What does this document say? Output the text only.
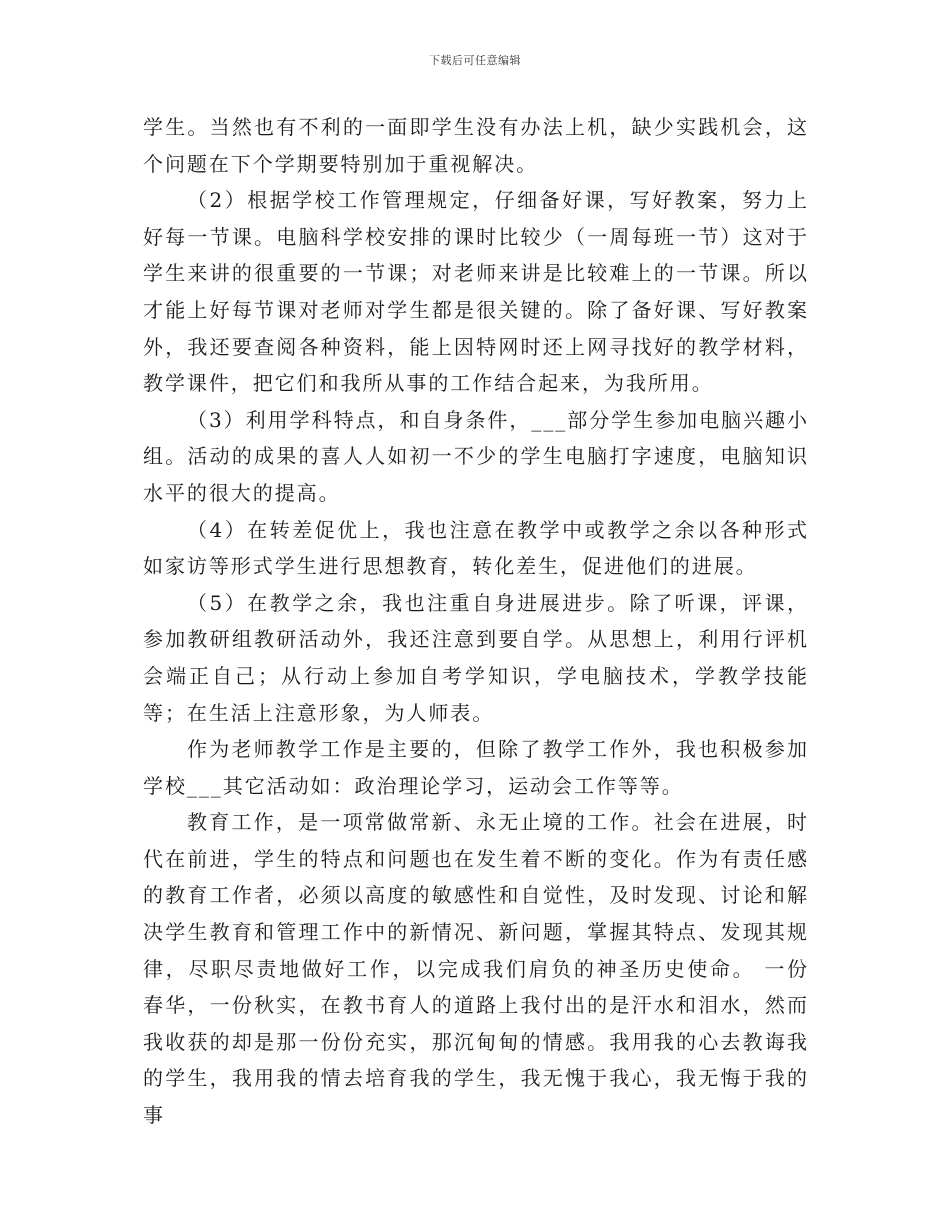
下载后可任意编辑

学生。当然也有不利的一面即学生没有办法上机，缺少实践机会，这个问题在下个学期要特别加于重视解决。

（2）根据学校工作管理规定，仔细备好课，写好教案，努力上好每一节课。电脑科学校安排的课时比较少（一周每班一节）这对于学生来讲的很重要的一节课；对老师来讲是比较难上的一节课。所以才能上好每节课对老师对学生都是很关键的。除了备好课、写好教案外，我还要查阅各种资料，能上因特网时还上网寻找好的教学材料，教学课件，把它们和我所从事的工作结合起来，为我所用。

（3）利用学科特点，和自身条件，___部分学生参加电脑兴趣小组。活动的成果的喜人人如初一不少的学生电脑打字速度，电脑知识水平的很大的提高。

（4）在转差促优上，我也注意在教学中或教学之余以各种形式如家访等形式学生进行思想教育，转化差生，促进他们的进展。

（5）在教学之余，我也注重自身进展进步。除了听课，评课，参加教研组教研活动外，我还注意到要自学。从思想上，利用行评机会端正自己；从行动上参加自考学知识，学电脑技术，学教学技能等；在生活上注意形象，为人师表。

作为老师教学工作是主要的，但除了教学工作外，我也积极参加学校___其它活动如：政治理论学习，运动会工作等等。

教育工作，是一项常做常新、永无止境的工作。社会在进展，时代在前进，学生的特点和问题也在发生着不断的变化。作为有责任感的教育工作者，必须以高度的敏感性和自觉性，及时发现、讨论和解决学生教育和管理工作中的新情况、新问题，掌握其特点、发现其规律，尽职尽责地做好工作，以完成我们肩负的神圣历史使命。 一份春华，一份秋实，在教书育人的道路上我付出的是汗水和泪水，然而我收获的却是那一份份充实，那沉甸甸的情感。我用我的心去教诲我的学生，我用我的情去培育我的学生，我无愧于我心，我无悔于我的事
